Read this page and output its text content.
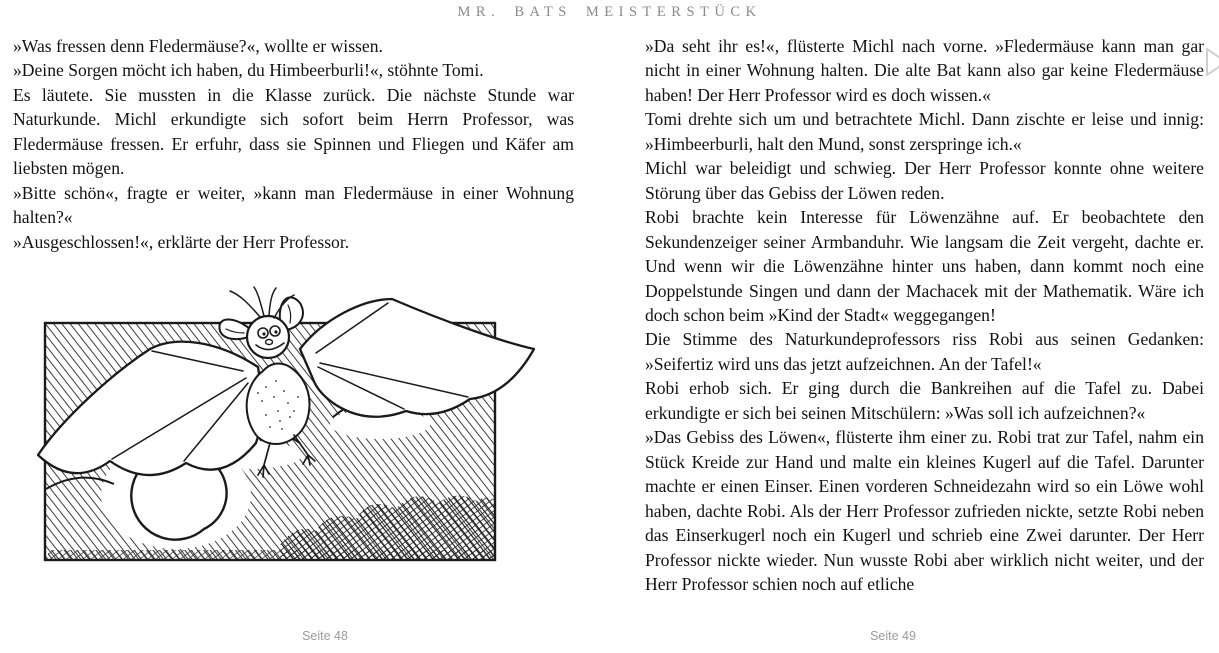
MR. BATS MEISTERSTÜCK

»Was fressen denn Fledermäuse?«, wollte er wissen.

»Deine Sorgen möcht ich haben, du Himbeerburli!«, stöhnte Tomi.

Es läutete. Sie mussten in die Klasse zurück. Die nächste Stunde war Naturkunde. Michl erkundigte sich sofort beim Herrn Professor, was Fledermäuse fressen. Er erfuhr, dass sie Spinnen und Fliegen und Käfer am liebsten mögen.

»Bitte schön«, fragte er weiter, »kann man Fledermäuse in einer Wohnung halten?«

»Ausgeschlossen!«, erklärte der Herr Professor.

Seite 48

»Da seht ihr es!«, flüsterte Michl nach vorne. »Fledermäuse kann man gar nicht in einer Wohnung halten. Die alte Bat kann also gar keine Fledermäuse haben! Der Herr Professor wird es doch wissen.«

Tomi drehte sich um und betrachtete Michl. Dann zischte er leise und innig: »Himbeerburli, halt den Mund, sonst zerspringe ich.«

Michl war beleidigt und schwieg. Der Herr Professor konnte ohne weitere Störung über das Gebiss der Löwen reden.

Robi brachte kein Interesse für Löwenzähne auf. Er beobachtete den Sekundenzeiger seiner Armbanduhr. Wie langsam die Zeit vergeht, dachte er. Und wenn wir die Löwenzähne hinter uns haben, dann kommt noch eine Doppelstunde Singen und dann der Machacek mit der Mathematik. Wäre ich doch schon beim »Kind der Stadt« weggegangen!

Die Stimme des Naturkundeprofessors riss Robi aus seinen Gedanken: »Seifertiz wird uns das jetzt aufzeichnen. An der Tafel!«

Robi erhob sich. Er ging durch die Bankreihen auf die Tafel zu. Dabei erkundigte er sich bei seinen Mitschülern: »Was soll ich aufzeichnen?«

»Das Gebiss des Löwen«, flüsterte ihm einer zu. Robi trat zur Tafel, nahm ein Stück Kreide zur Hand und malte ein kleines Kugerl auf die Tafel. Darunter machte er einen Einser. Einen vorderen Schneidezahn wird so ein Löwe wohl haben, dachte Robi. Als der Herr Professor zufrieden nickte, setzte Robi neben das Einserkugerl noch ein Kugerl und schrieb eine Zwei darunter. Der Herr Professor nickte wieder. Nun wusste Robi aber wirklich nicht weiter, und der Herr Professor schien noch auf etliche

Seite 49
